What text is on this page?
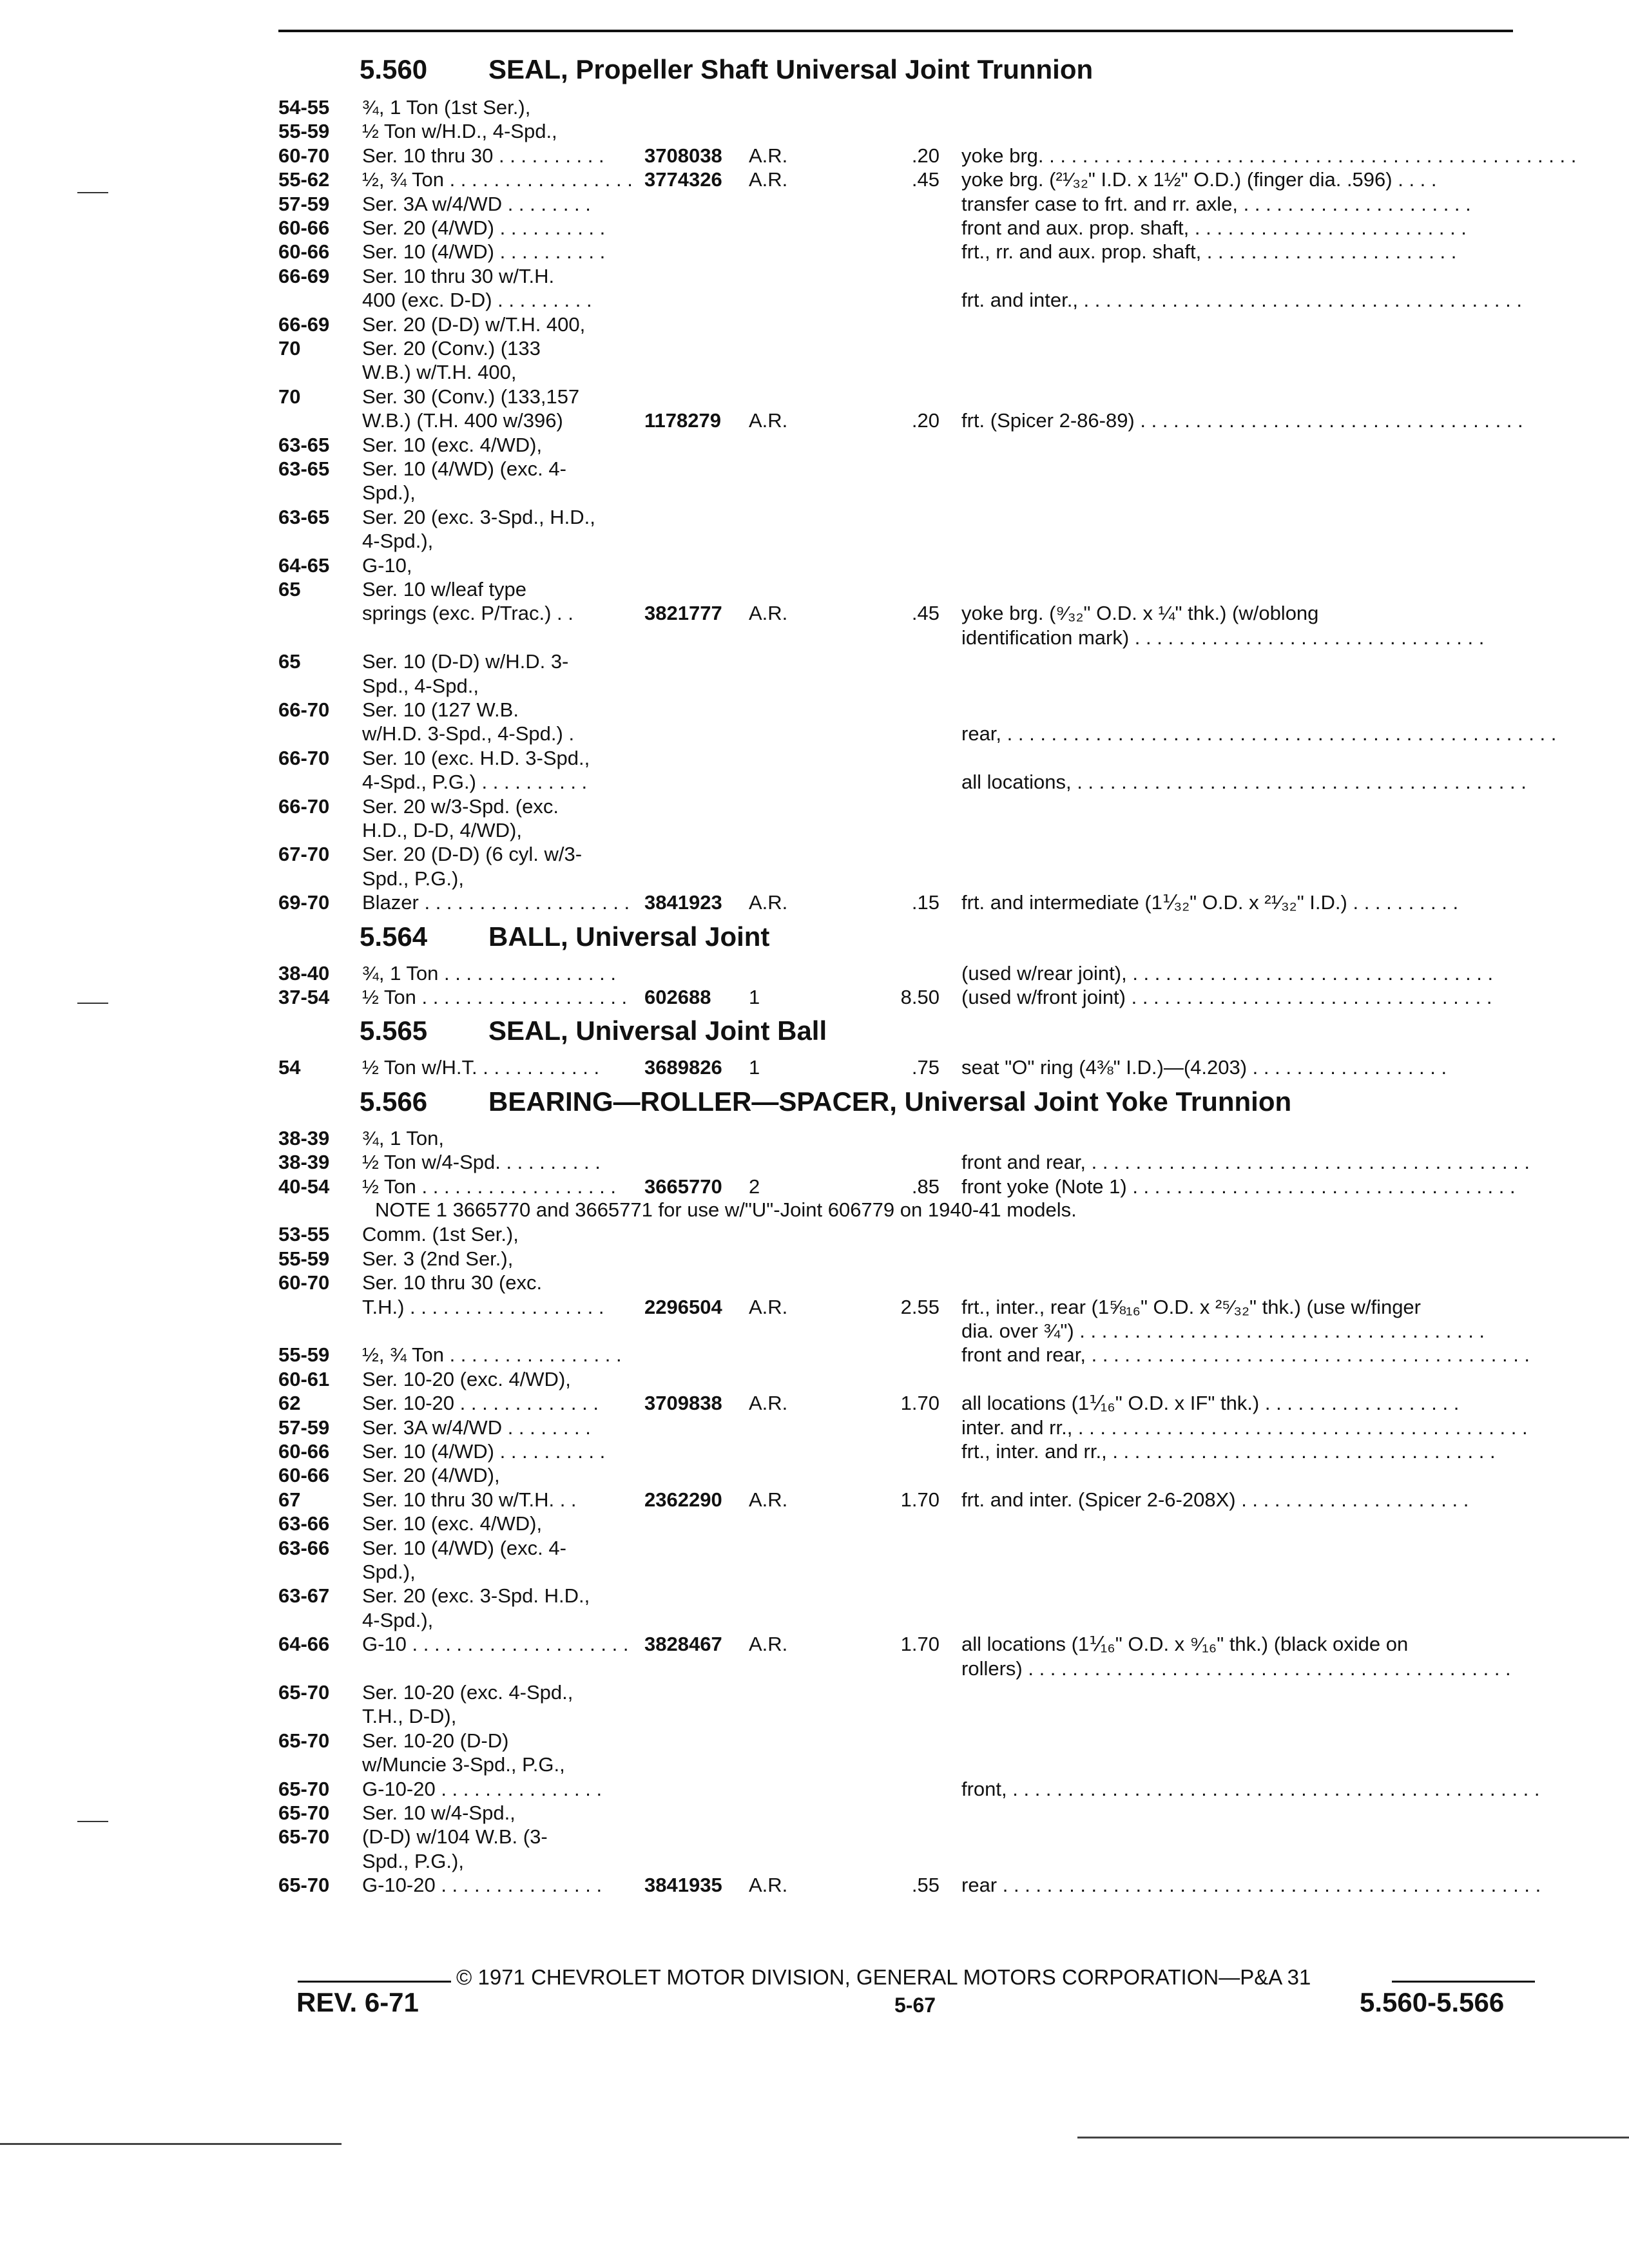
5.560 SEAL, Propeller Shaft Universal Joint Trunnion
54-55 ¾, 1 Ton (1st Ser.),
55-59 ½ Ton w/H.D., 4-Spd.,
60-70 Ser. 10 thru 30 . . . . . . . . . . 3708038 A.R.	.20 yoke brg. . . . . . . . . . . . . . . . . . . . . . . . . . . . . . . . . . . . . . . . . . . . . . . . .
55-62 ½, ¾ Ton . . . . . . . . . . . . . . . . . 3774326 A.R.	.45 yoke brg. (²¹⁄₃₂" I.D. x 1½" O.D.) (finger dia. .596) . . . .
57-59 Ser. 3A w/4/WD . . . . . . . .	transfer case to frt. and rr. axle, . . . . . . . . . . . . . . . . . . . . .
60-66 Ser. 20 (4/WD) . . . . . . . . . .	front and aux. prop. shaft, . . . . . . . . . . . . . . . . . . . . . . . . .
60-66 Ser. 10 (4/WD) . . . . . . . . . .	frt., rr. and aux. prop. shaft, . . . . . . . . . . . . . . . . . . . . . . .
66-69 Ser. 10 thru 30 w/T.H.
400 (exc. D-D) . . . . . . . . .	frt. and inter., . . . . . . . . . . . . . . . . . . . . . . . . . . . . . . . . . . . . . . . .
66-69 Ser. 20 (D-D) w/T.H. 400,
70	Ser. 20 (Conv.) (133
W.B.) w/T.H. 400,
70	Ser. 30 (Conv.) (133,157
W.B.) (T.H. 400 w/396)	1178279 A.R.	.20 frt. (Spicer 2-86-89) . . . . . . . . . . . . . . . . . . . . . . . . . . . . . . . . . . .
63-65 Ser. 10 (exc. 4/WD),
63-65 Ser. 10 (4/WD) (exc. 4-
Spd.),
63-65 Ser. 20 (exc. 3-Spd., H.D.,
4-Spd.),
64-65 G-10,
65	Ser. 10 w/leaf type
springs (exc. P/Trac.) . .	3821777 A.R.	.45 yoke brg. (⁹⁄₃₂" O.D. x ¼" thk.) (w/oblong
identification mark) . . . . . . . . . . . . . . . . . . . . . . . . . . . . . . . .
65	Ser. 10 (D-D) w/H.D. 3-
Spd., 4-Spd.,
66-70 Ser. 10 (127 W.B.
w/H.D. 3-Spd., 4-Spd.) .	rear, . . . . . . . . . . . . . . . . . . . . . . . . . . . . . . . . . . . . . . . . . . . . . . . . . .
66-70 Ser. 10 (exc. H.D. 3-Spd.,
4-Spd., P.G.) . . . . . . . . . .	all locations, . . . . . . . . . . . . . . . . . . . . . . . . . . . . . . . . . . . . . . . . .
66-70 Ser. 20 w/3-Spd. (exc.
H.D., D-D, 4/WD),
67-70 Ser. 20 (D-D) (6 cyl. w/3-
Spd., P.G.),
69-70 Blazer . . . . . . . . . . . . . . . . . . . 3841923 A.R.	.15 frt. and intermediate (1⅟₃₂" O.D. x ²¹⁄₃₂" I.D.) . . . . . . . . . .
5.564 BALL, Universal Joint
38-40 ¾, 1 Ton . . . . . . . . . . . . . . . .	(used w/rear joint), . . . . . . . . . . . . . . . . . . . . . . . . . . . . . . . . .
37-54 ½ Ton . . . . . . . . . . . . . . . . . . . 602688 1	8.50 (used w/front joint) . . . . . . . . . . . . . . . . . . . . . . . . . . . . . . . . .
5.565 SEAL, Universal Joint Ball
54	½ Ton w/H.T. . . . . . . . . . . . 3689826 1	.75 seat "O" ring (4⅜" I.D.)—(4.203) . . . . . . . . . . . . . . . . . .
5.566 BEARING—ROLLER—SPACER, Universal Joint Yoke Trunnion
38-39 ¾, 1 Ton,
38-39 ½ Ton w/4-Spd. . . . . . . . . .	front and rear, . . . . . . . . . . . . . . . . . . . . . . . . . . . . . . . . . . . . . . . .
40-54 ½ Ton . . . . . . . . . . . . . . . . . . 3665770 2	.85 front yoke (Note 1) . . . . . . . . . . . . . . . . . . . . . . . . . . . . . . . . . . .
NOTE 1 3665770 and 3665771 for use w/"U"-Joint 606779 on 1940-41 models.
53-55 Comm. (1st Ser.),
55-59 Ser. 3 (2nd Ser.),
60-70 Ser. 10 thru 30 (exc.
T.H.) . . . . . . . . . . . . . . . . . . 2296504 A.R.	2.55 frt., inter., rear (1⅝₁₆" O.D. x ²⁵⁄₃₂" thk.) (use w/finger
dia. over ¾") . . . . . . . . . . . . . . . . . . . . . . . . . . . . . . . . . . . . .
55-59 ½, ¾ Ton . . . . . . . . . . . . . . . .	front and rear, . . . . . . . . . . . . . . . . . . . . . . . . . . . . . . . . . . . . . . . .
60-61 Ser. 10-20 (exc. 4/WD),
62	Ser. 10-20 . . . . . . . . . . . . . 3709838 A.R.	1.70 all locations (1⅟₁₆" O.D. x IF" thk.) . . . . . . . . . . . . . . . . . .
57-59 Ser. 3A w/4/WD . . . . . . . .	inter. and rr., . . . . . . . . . . . . . . . . . . . . . . . . . . . . . . . . . . . . . . . . .
60-66 Ser. 10 (4/WD) . . . . . . . . . .	frt., inter. and rr., . . . . . . . . . . . . . . . . . . . . . . . . . . . . . . . . . . .
60-66 Ser. 20 (4/WD),
67	Ser. 10 thru 30 w/T.H. . .	2362290 A.R.	1.70 frt. and inter. (Spicer 2-6-208X) . . . . . . . . . . . . . . . . . . . . .
63-66 Ser. 10 (exc. 4/WD),
63-66 Ser. 10 (4/WD) (exc. 4-
Spd.),
63-67 Ser. 20 (exc. 3-Spd. H.D.,
4-Spd.),
64-66 G-10 . . . . . . . . . . . . . . . . . . . . 3828467 A.R.	1.70 all locations (1⅟₁₆" O.D. x ⁹⁄₁₆" thk.) (black oxide on
rollers) . . . . . . . . . . . . . . . . . . . . . . . . . . . . . . . . . . . . . . . . . . . .
65-70 Ser. 10-20 (exc. 4-Spd.,
T.H., D-D),
65-70 Ser. 10-20 (D-D)
w/Muncie 3-Spd., P.G.,
65-70 G-10-20 . . . . . . . . . . . . . . .	front, . . . . . . . . . . . . . . . . . . . . . . . . . . . . . . . . . . . . . . . . . . . . . . . .
65-70 Ser. 10 w/4-Spd.,
65-70 (D-D) w/104 W.B. (3-
Spd., P.G.),
65-70 G-10-20 . . . . . . . . . . . . . . . 3841935 A.R.	.55 rear . . . . . . . . . . . . . . . . . . . . . . . . . . . . . . . . . . . . . . . . . . . . . . . . .
© 1971 CHEVROLET MOTOR DIVISION, GENERAL MOTORS CORPORATION—P&A 31
REV. 6-71	5-67	5.560-5.566
